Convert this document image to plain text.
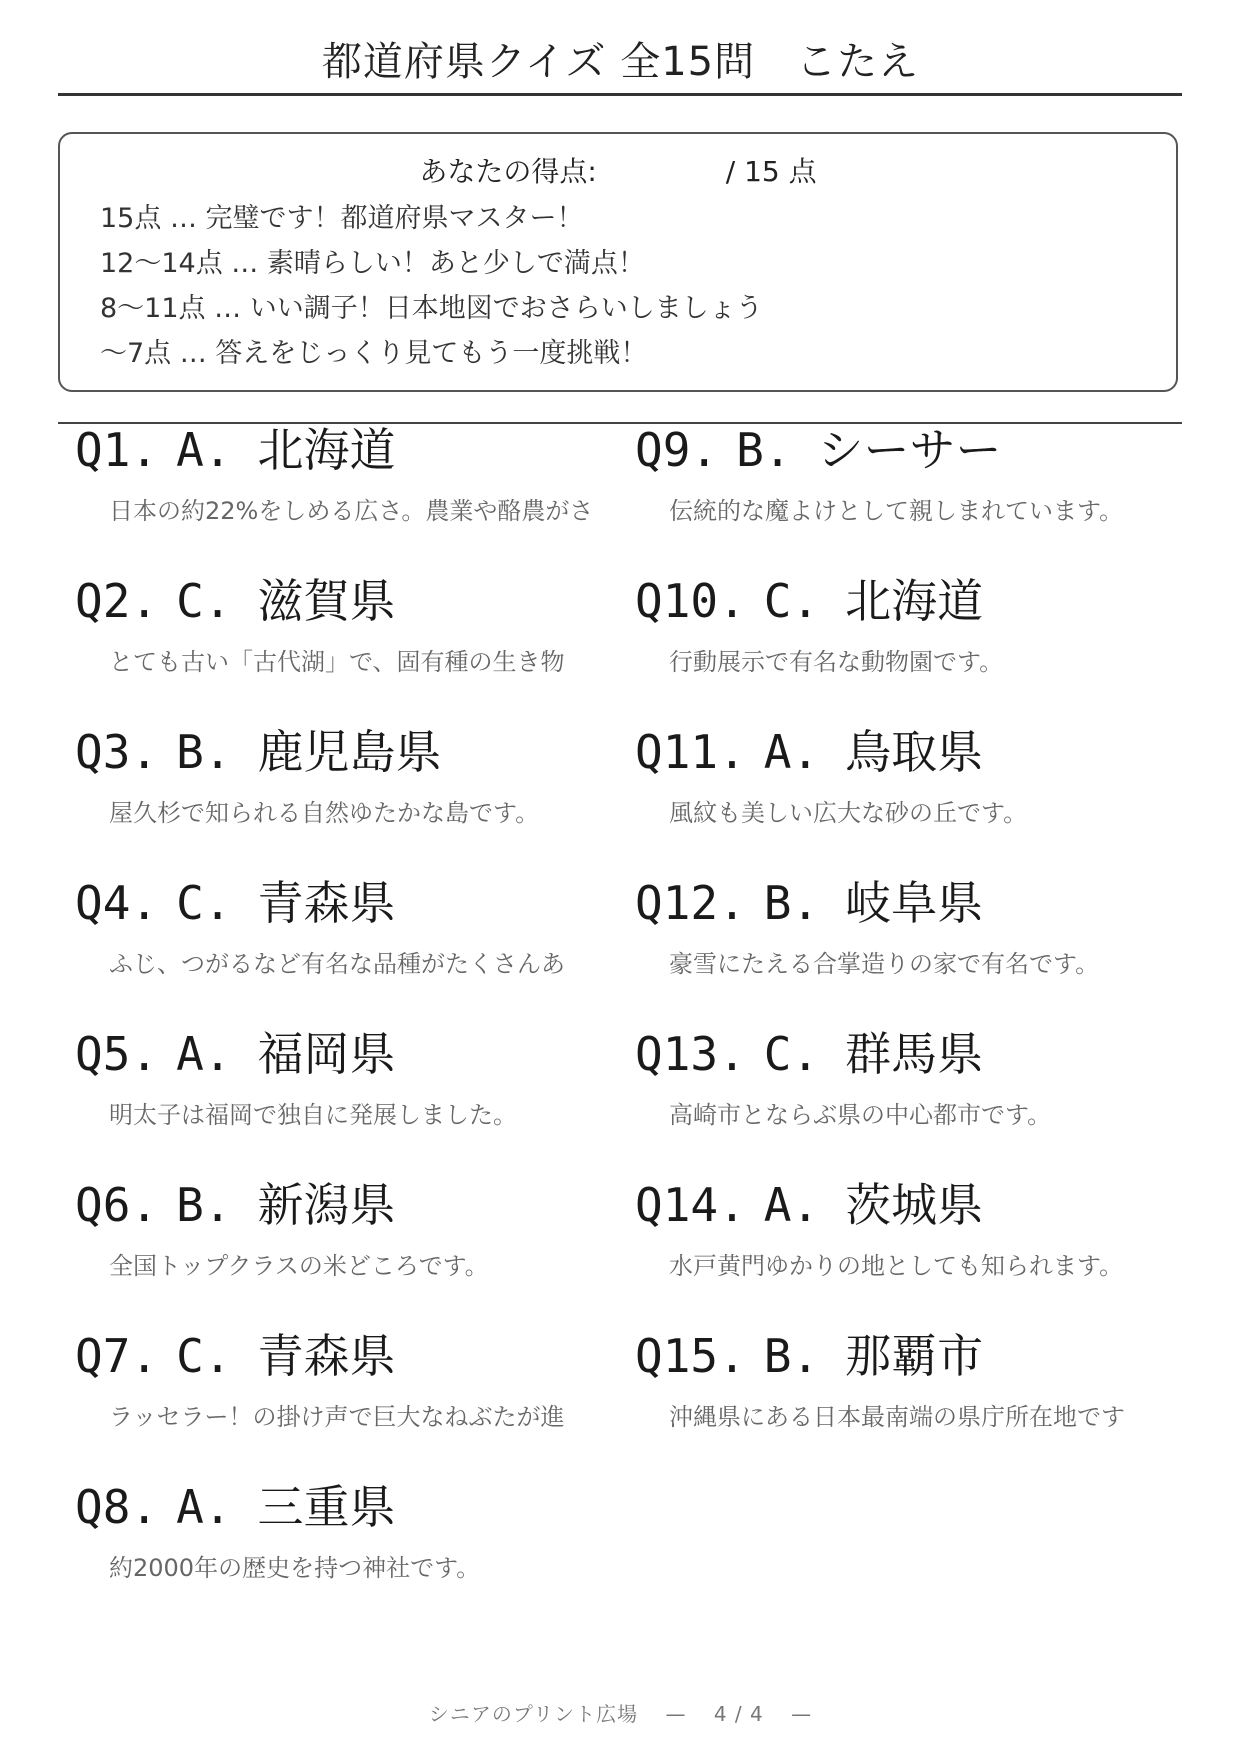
都道府県クイズ 全15問　こたえ
あなたの得点:	/ 15 点
15点 … 完璧です！都道府県マスター！
12〜14点 … 素晴らしい！あと少しで満点！
8〜11点 … いい調子！日本地図でおさらいしましょう
〜7点 … 答えをじっくり見てもう一度挑戦！
Q1. A. 北海道
日本の約22%をしめる広さ。農業や酪農がさ
Q2. C. 滋賀県
とても古い「古代湖」で、固有種の生き物
Q3. B. 鹿児島県
屋久杉で知られる自然ゆたかな島です。
Q4. C. 青森県
ふじ、つがるなど有名な品種がたくさんあ
Q5. A. 福岡県
明太子は福岡で独自に発展しました。
Q6. B. 新潟県
全国トップクラスの米どころです。
Q7. C. 青森県
ラッセラー！の掛け声で巨大なねぶたが進
Q8. A. 三重県
約2000年の歴史を持つ神社です。
Q9. B. シーサー
伝統的な魔よけとして親しまれています。
Q10. C. 北海道
行動展示で有名な動物園です。
Q11. A. 鳥取県
風紋も美しい広大な砂の丘です。
Q12. B. 岐阜県
豪雪にたえる合掌造りの家で有名です。
Q13. C. 群馬県
高崎市とならぶ県の中心都市です。
Q14. A. 茨城県
水戸黄門ゆかりの地としても知られます。
Q15. B. 那覇市
沖縄県にある日本最南端の県庁所在地です
シニアのプリント広場 — 4 / 4 —
